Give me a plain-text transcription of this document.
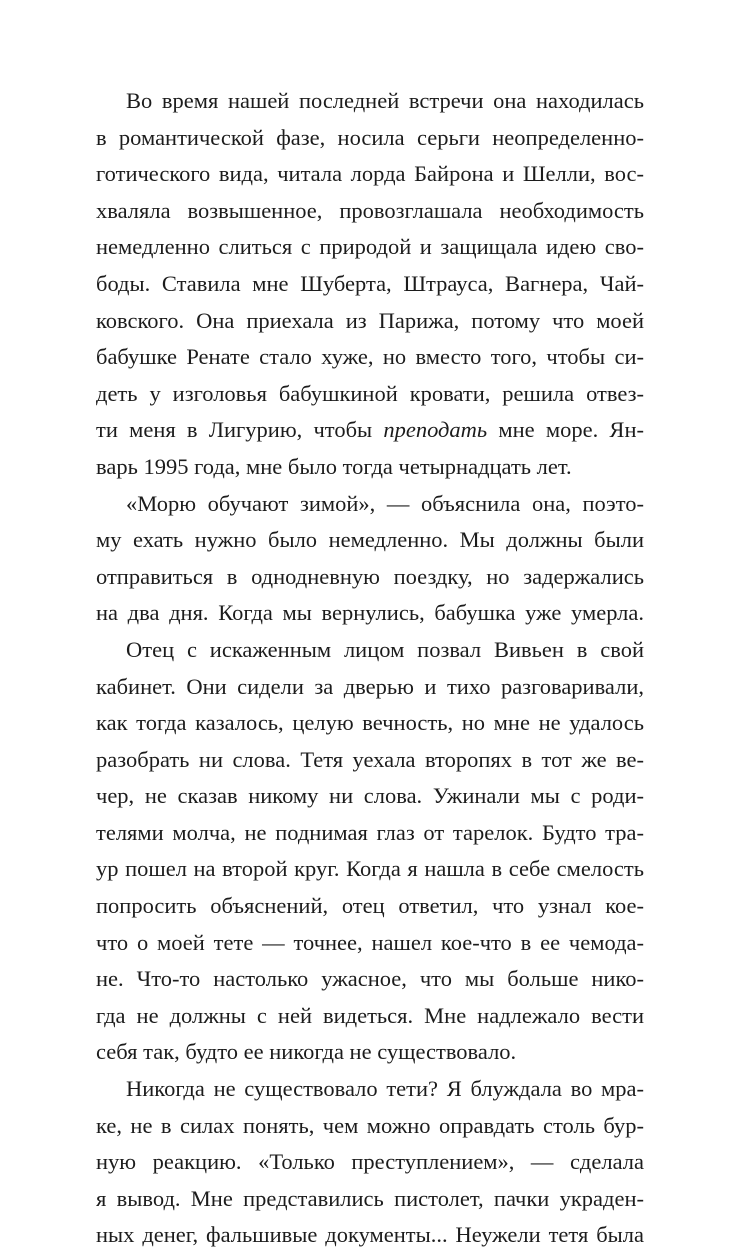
Во время нашей последней встречи она находилась
в романтической фазе, носила серьги неопределенно-
готического вида, читала лорда Байрона и Шелли, вос-
хваляла возвышенное, провозглашала необходимость
немедленно слиться с природой и защищала идею сво-
боды. Ставила мне Шуберта, Штрауса, Вагнера, Чай-
ковского. Она приехала из Парижа, потому что моей
бабушке Ренате стало хуже, но вместо того, чтобы си-
деть у изголовья бабушкиной кровати, решила отвез-
ти меня в Лигурию, чтобы преподать мне море. Ян-
варь 1995 года, мне было тогда четырнадцать лет.
«Морю обучают зимой», — объяснила она, поэто-
му ехать нужно было немедленно. Мы должны были
отправиться в однодневную поездку, но задержались
на два дня. Когда мы вернулись, бабушка уже умерла.
Отец с искаженным лицом позвал Вивьен в свой
кабинет. Они сидели за дверью и тихо разговаривали,
как тогда казалось, целую вечность, но мне не удалось
разобрать ни слова. Тетя уехала второпях в тот же ве-
чер, не сказав никому ни слова. Ужинали мы с роди-
телями молча, не поднимая глаз от тарелок. Будто тра-
ур пошел на второй круг. Когда я нашла в себе смелость
попросить объяснений, отец ответил, что узнал кое-
что о моей тете — точнее, нашел кое-что в ее чемода-
не. Что-то настолько ужасное, что мы больше нико-
гда не должны с ней видеться. Мне надлежало вести
себя так, будто ее никогда не существовало.
Никогда не существовало тети? Я блуждала во мра-
ке, не в силах понять, чем можно оправдать столь бур-
ную реакцию. «Только преступлением», — сделала
я вывод. Мне представились пистолет, пачки украден-
ных денег, фальшивые документы... Неужели тетя была
